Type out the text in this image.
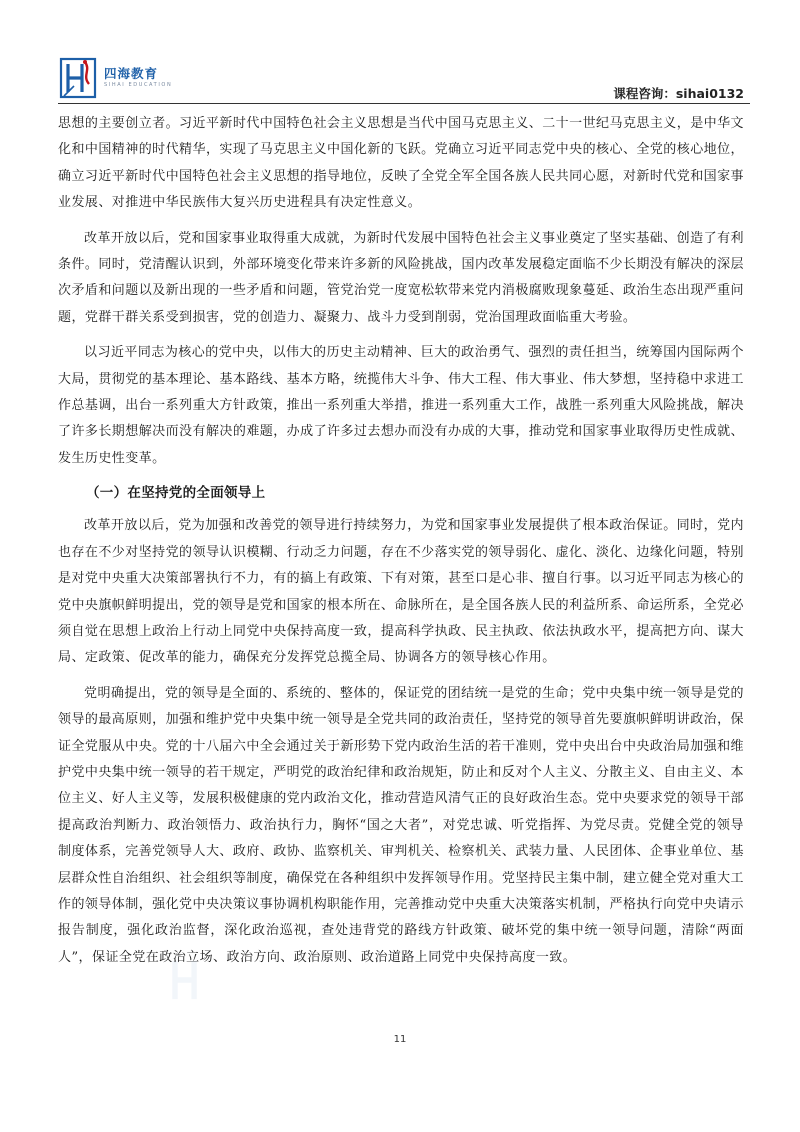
四海教育
SIHAI EDUCATION
课程咨询：sihai0132

思想的主要创立者。习近平新时代中国特色社会主义思想是当代中国马克思主义、二十一世纪马克思主义，是中华文化和中国精神的时代精华，实现了马克思主义中国化新的飞跃。党确立习近平同志党中央的核心、全党的核心地位，确立习近平新时代中国特色社会主义思想的指导地位，反映了全党全军全国各族人民共同心愿，对新时代党和国家事业发展、对推进中华民族伟大复兴历史进程具有决定性意义。

改革开放以后，党和国家事业取得重大成就，为新时代发展中国特色社会主义事业奠定了坚实基础、创造了有利条件。同时，党清醒认识到，外部环境变化带来许多新的风险挑战，国内改革发展稳定面临不少长期没有解决的深层次矛盾和问题以及新出现的一些矛盾和问题，管党治党一度宽松软带来党内消极腐败现象蔓延、政治生态出现严重问题，党群干群关系受到损害，党的创造力、凝聚力、战斗力受到削弱，党治国理政面临重大考验。

以习近平同志为核心的党中央，以伟大的历史主动精神、巨大的政治勇气、强烈的责任担当，统筹国内国际两个大局，贯彻党的基本理论、基本路线、基本方略，统揽伟大斗争、伟大工程、伟大事业、伟大梦想，坚持稳中求进工作总基调，出台一系列重大方针政策，推出一系列重大举措，推进一系列重大工作，战胜一系列重大风险挑战，解决了许多长期想解决而没有解决的难题，办成了许多过去想办而没有办成的大事，推动党和国家事业取得历史性成就、发生历史性变革。

（一）在坚持党的全面领导上

改革开放以后，党为加强和改善党的领导进行持续努力，为党和国家事业发展提供了根本政治保证。同时，党内也存在不少对坚持党的领导认识模糊、行动乏力问题，存在不少落实党的领导弱化、虚化、淡化、边缘化问题，特别是对党中央重大决策部署执行不力，有的搞上有政策、下有对策，甚至口是心非、擅自行事。以习近平同志为核心的党中央旗帜鲜明提出，党的领导是党和国家的根本所在、命脉所在，是全国各族人民的利益所系、命运所系，全党必须自觉在思想上政治上行动上同党中央保持高度一致，提高科学执政、民主执政、依法执政水平，提高把方向、谋大局、定政策、促改革的能力，确保充分发挥党总揽全局、协调各方的领导核心作用。

党明确提出，党的领导是全面的、系统的、整体的，保证党的团结统一是党的生命；党中央集中统一领导是党的领导的最高原则，加强和维护党中央集中统一领导是全党共同的政治责任，坚持党的领导首先要旗帜鲜明讲政治，保证全党服从中央。党的十八届六中全会通过关于新形势下党内政治生活的若干准则，党中央出台中央政治局加强和维护党中央集中统一领导的若干规定，严明党的政治纪律和政治规矩，防止和反对个人主义、分散主义、自由主义、本位主义、好人主义等，发展积极健康的党内政治文化，推动营造风清气正的良好政治生态。党中央要求党的领导干部提高政治判断力、政治领悟力、政治执行力，胸怀“国之大者”，对党忠诚、听党指挥、为党尽责。党健全党的领导制度体系，完善党领导人大、政府、政协、监察机关、审判机关、检察机关、武装力量、人民团体、企事业单位、基层群众性自治组织、社会组织等制度，确保党在各种组织中发挥领导作用。党坚持民主集中制，建立健全党对重大工作的领导体制，强化党中央决策议事协调机构职能作用，完善推动党中央重大决策落实机制，严格执行向党中央请示报告制度，强化政治监督，深化政治巡视，查处违背党的路线方针政策、破坏党的集中统一领导问题，清除“两面人”，保证全党在政治立场、政治方向、政治原则、政治道路上同党中央保持高度一致。

11
